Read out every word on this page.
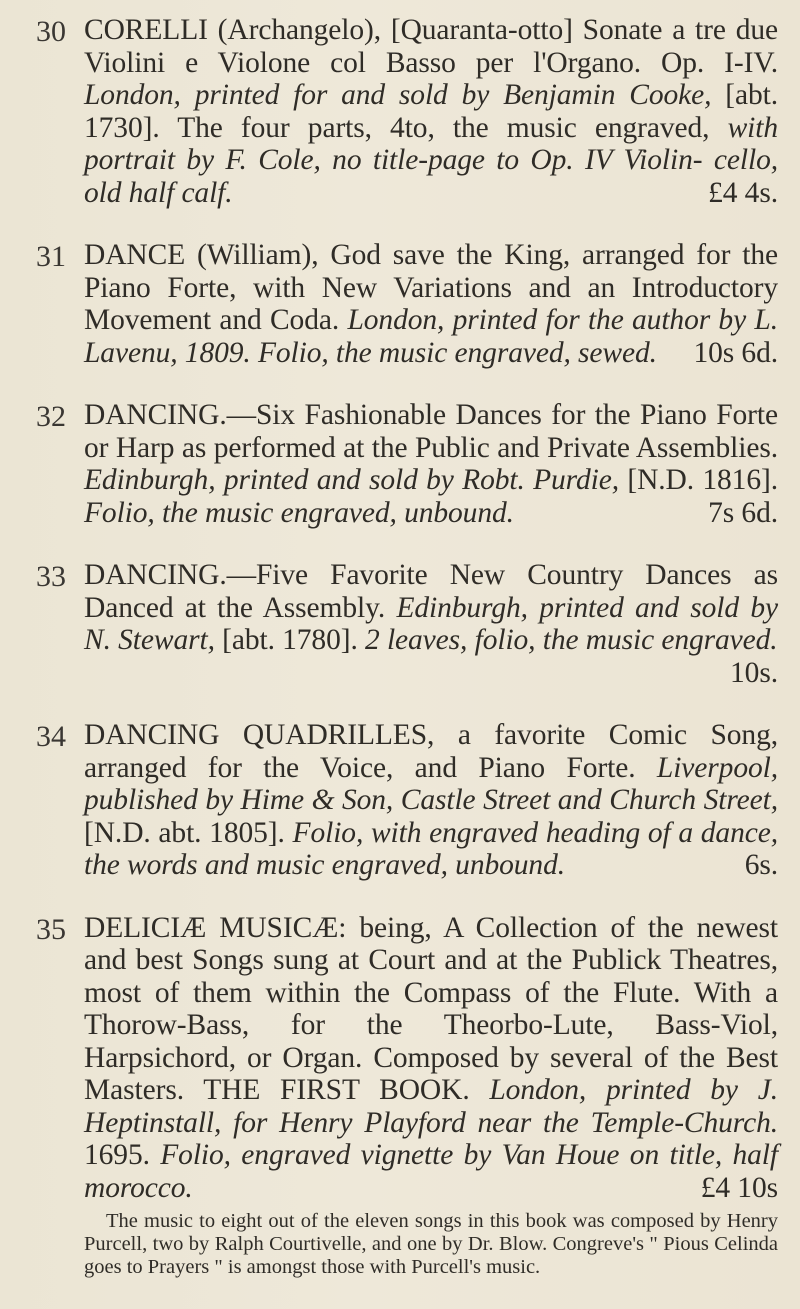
30 CORELLI (Archangelo), [Quaranta-otto] Sonate a tre due Violini e Violone col Basso per l'Organo. Op. I-IV. London, printed for and sold by Benjamin Cooke, [abt. 1730]. The four parts, 4to, the music engraved, with portrait by F. Cole, no title-page to Op. IV Violin- cello, old half calf.	£4 4s.
31 DANCE (William), God save the King, arranged for the Piano Forte, with New Variations and an Introductory Movement and Coda. London, printed for the author by L. Lavenu, 1809. Folio, the music engraved, sewed. 10s 6d.
32 DANCING.—Six Fashionable Dances for the Piano Forte or Harp as performed at the Public and Private Assemblies. Edinburgh, printed and sold by Robt. Purdie, [N.D. 1816]. Folio, the music engraved, unbound.	7s 6d.
33 DANCING.—Five Favorite New Country Dances as Danced at the Assembly. Edinburgh, printed and sold by N. Stewart, [abt. 1780]. 2 leaves, folio, the music engraved.
10s.
34 DANCING QUADRILLES, a favorite Comic Song, arranged for the Voice, and Piano Forte. Liverpool, published by Hime & Son, Castle Street and Church Street, [N.D. abt. 1805]. Folio, with engraved heading of a dance, the words and music engraved, unbound.	6s.
35 DELICIÆ MUSICÆ: being, A Collection of the newest and best Songs sung at Court and at the Publick Theatres, most of them within the Compass of the Flute. With a Thorow-Bass, for the Theorbo-Lute, Bass-Viol, Harpsichord, or Organ. Composed by several of the Best Masters. THE FIRST BOOK. London, printed by J. Heptinstall, for Henry Playford near the Temple-Church. 1695. Folio, engraved vignette by Van Houe on title, half morocco.	£4 10s
The music to eight out of the eleven songs in this book was composed by Henry Purcell, two by Ralph Courtivelle, and one by Dr. Blow. Congreve's " Pious Celinda goes to Prayers " is amongst those with Purcell's music.
